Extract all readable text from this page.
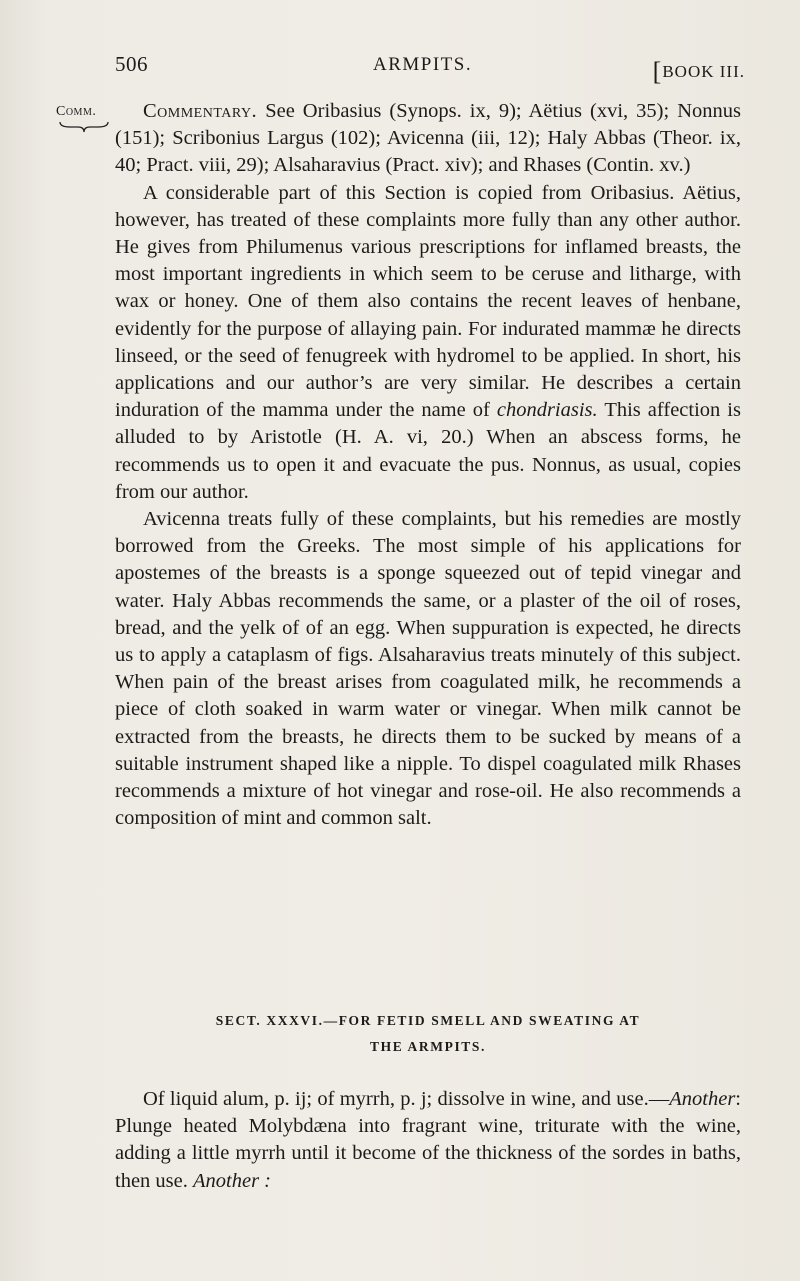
506	ARMPITS.	[BOOK III.
Comm.	Commentary. See Oribasius (Synops. ix, 9); Aëtius (xvi, 35); Nonnus (151); Scribonius Largus (102); Avicenna (iii, 12); Haly Abbas (Theor. ix, 40; Pract. viii, 29); Alsaharavius (Pract. xiv); and Rhases (Contin. xv.)

A considerable part of this Section is copied from Oribasius. Aëtius, however, has treated of these complaints more fully than any other author. He gives from Philumenus various prescriptions for inflamed breasts, the most important ingredients in which seem to be ceruse and litharge, with wax or honey. One of them also contains the recent leaves of henbane, evidently for the purpose of allaying pain. For indurated mammæ he directs linseed, or the seed of fenugreek with hydromel to be applied. In short, his applications and our author’s are very similar. He describes a certain induration of the mamma under the name of chondriasis. This affection is alluded to by Aristotle (H. A. vi, 20.) When an abscess forms, he recommends us to open it and evacuate the pus. Nonnus, as usual, copies from our author.

Avicenna treats fully of these complaints, but his remedies are mostly borrowed from the Greeks. The most simple of his applications for apostemes of the breasts is a sponge squeezed out of tepid vinegar and water. Haly Abbas recommends the same, or a plaster of the oil of roses, bread, and the yelk of of an egg. When suppuration is expected, he directs us to apply a cataplasm of figs. Alsaharavius treats minutely of this subject. When pain of the breast arises from coagulated milk, he recommends a piece of cloth soaked in warm water or vinegar. When milk cannot be extracted from the breasts, he directs them to be sucked by means of a suitable instrument shaped like a nipple. To dispel coagulated milk Rhases recommends a mixture of hot vinegar and rose-oil. He also recommends a composition of mint and common salt.

SECT. XXXVI.—FOR FETID SMELL AND SWEATING AT
THE ARMPITS.

Of liquid alum, p. ij; of myrrh, p. j; dissolve in wine, and use.—Another: Plunge heated Molybdæna into fragrant wine, triturate with the wine, adding a little myrrh until it become of the thickness of the sordes in baths, then use. Another :
